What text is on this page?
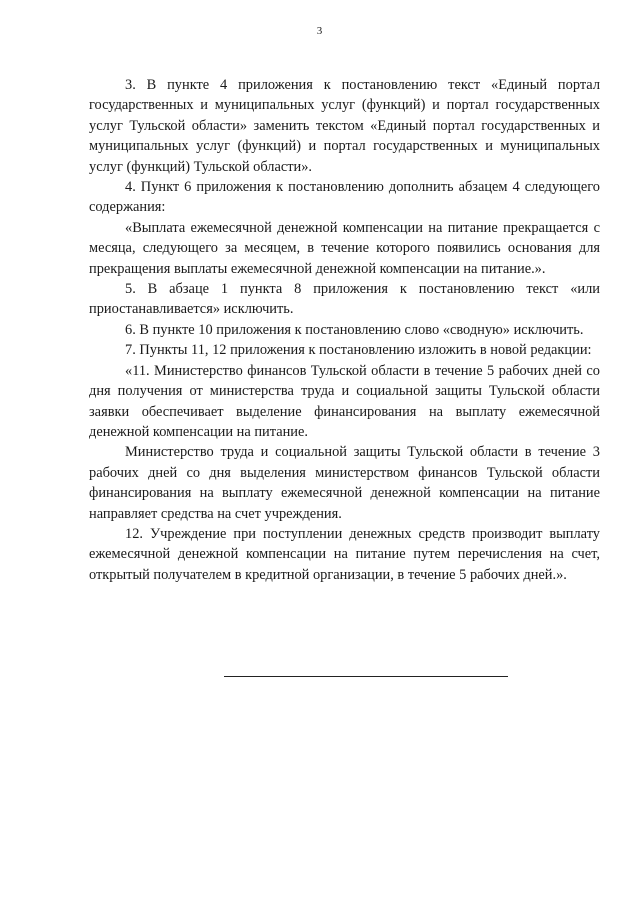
3

3. В пункте 4 приложения к постановлению текст «Единый портал государственных и муниципальных услуг (функций) и портал государственных услуг Тульской области» заменить текстом «Единый портал государственных и муниципальных услуг (функций) и портал государственных и муниципальных услуг (функций) Тульской области».

4. Пункт 6 приложения к постановлению дополнить абзацем 4 следующего содержания:

«Выплата ежемесячной денежной компенсации на питание прекращается с месяца, следующего за месяцем, в течение которого появились основания для прекращения выплаты ежемесячной денежной компенсации на питание.».

5. В абзаце 1 пункта 8 приложения к постановлению текст «или приостанавливается» исключить.

6. В пункте 10 приложения к постановлению слово «сводную» исключить.

7. Пункты 11, 12 приложения к постановлению изложить в новой редакции:

«11. Министерство финансов Тульской области в течение 5 рабочих дней со дня получения от министерства труда и социальной защиты Тульской области заявки обеспечивает выделение финансирования на выплату ежемесячной денежной компенсации на питание.

Министерство труда и социальной защиты Тульской области в течение 3 рабочих дней со дня выделения министерством финансов Тульской области финансирования на выплату ежемесячной денежной компенсации на питание направляет средства на счет учреждения.

12. Учреждение при поступлении денежных средств производит выплату ежемесячной денежной компенсации на питание путем перечисления на счет, открытый получателем в кредитной организации, в течение 5 рабочих дней.».
